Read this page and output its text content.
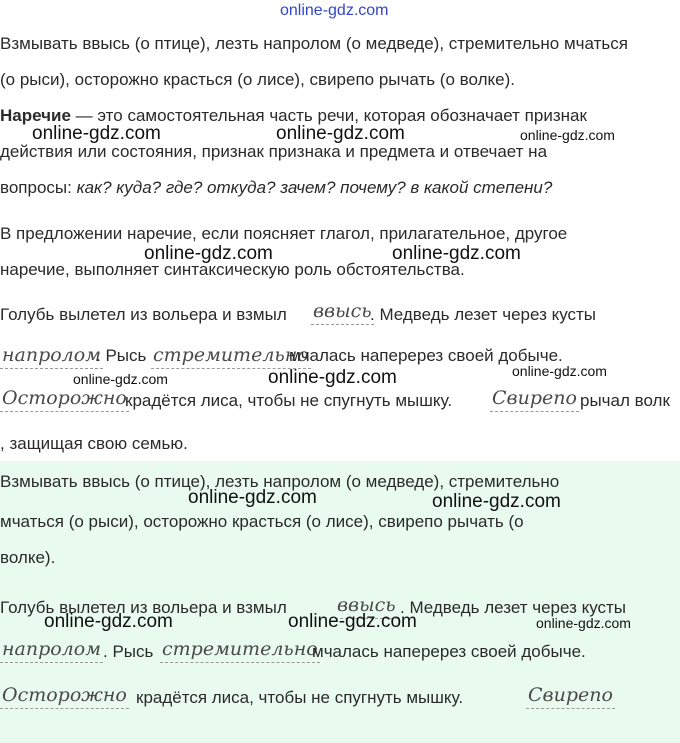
online-gdz.com
Взмывать ввысь (о птице), лезть напролом (о медведе), стремительно мчаться
(о рыси), осторожно красться (о лисе), свирепо рычать (о волке).
Наречие — это самостоятельная часть речи, которая обозначает признак
действия или состояния, признак признака и предмета и отвечает на
вопросы: как? куда? где? откуда? зачем? почему? в какой степени?
В предложении наречие, если поясняет глагол, прилагательное, другое
наречие, выполняет синтаксическую роль обстоятельства.
Голубь вылетел из вольера и взмыл ввысь
. Медведь лезет через кусты
напролом
. Рысь стремительно
мчалась наперерез своей добыче.
Осторожно
крадётся лиса, чтобы не спугнуть мышку. Свирепо рычал волк
, защищая свою семью.
Взмывать ввысь (о птице), лезть напролом (о медведе), стремительно
мчаться (о рыси), осторожно красться (о лисе), свирепо рычать (о
волке).
Голубь вылетел из вольера и взмыл	ввысь . Медведь лезет через кусты
напролом . Рысь стремительно
мчалась наперерез своей добыче.
Осторожно крадётся лиса, чтобы не спугнуть мышку.	Свирепо
online-gdz.com	online-gdz.com	online-gdz.com
online-gdz.com	online-gdz.com
online-gdz.com
online-gdz.com	online-gdz.com
online-gdz.com	online-gdz.com
online-gdz.com	online-gdz.com	online-gdz.com
